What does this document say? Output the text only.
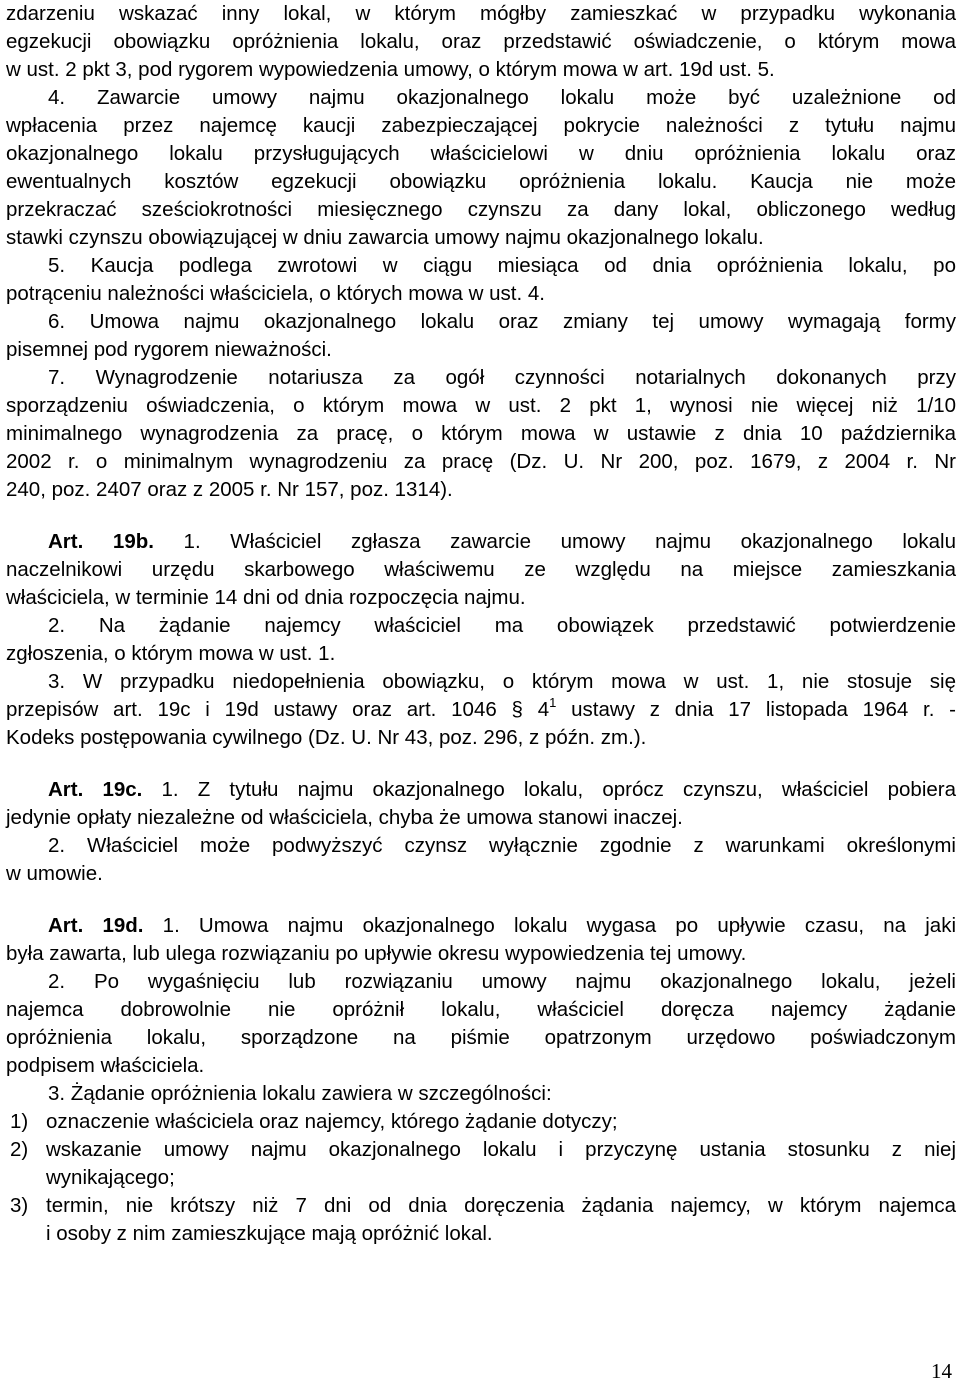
zdarzeniu wskazać inny lokal, w którym mógłby zamieszkać w przypadku wykonania
egzekucji obowiązku opróżnienia lokalu, oraz przedstawić oświadczenie, o którym mowa
w ust. 2 pkt 3, pod rygorem wypowiedzenia umowy, o którym mowa w art. 19d ust. 5.
4. Zawarcie umowy najmu okazjonalnego lokalu może być uzależnione od
wpłacenia przez najemcę kaucji zabezpieczającej pokrycie należności z tytułu najmu
okazjonalnego lokalu przysługujących właścicielowi w dniu opróżnienia lokalu oraz
ewentualnych kosztów egzekucji obowiązku opróżnienia lokalu. Kaucja nie może
przekraczać sześciokrotności miesięcznego czynszu za dany lokal, obliczonego według
stawki czynszu obowiązującej w dniu zawarcia umowy najmu okazjonalnego lokalu.
5. Kaucja podlega zwrotowi w ciągu miesiąca od dnia opróżnienia lokalu, po
potrąceniu należności właściciela, o których mowa w ust. 4.
6. Umowa najmu okazjonalnego lokalu oraz zmiany tej umowy wymagają formy
pisemnej pod rygorem nieważności.
7. Wynagrodzenie notariusza za ogół czynności notarialnych dokonanych przy
sporządzeniu oświadczenia, o którym mowa w ust. 2 pkt 1, wynosi nie więcej niż 1/10
minimalnego wynagrodzenia za pracę, o którym mowa w ustawie z dnia 10 października
2002 r. o minimalnym wynagrodzeniu za pracę (Dz. U. Nr 200, poz. 1679, z 2004 r. Nr
240, poz. 2407 oraz z 2005 r. Nr 157, poz. 1314).
Art. 19b. 1. Właściciel zgłasza zawarcie umowy najmu okazjonalnego lokalu
naczelnikowi urzędu skarbowego właściwemu ze względu na miejsce zamieszkania
właściciela, w terminie 14 dni od dnia rozpoczęcia najmu.
2. Na żądanie najemcy właściciel ma obowiązek przedstawić potwierdzenie
zgłoszenia, o którym mowa w ust. 1.
3. W przypadku niedopełnienia obowiązku, o którym mowa w ust. 1, nie stosuje się
przepisów art. 19c i 19d ustawy oraz art. 1046 § $4^1$ ustawy z dnia 17 listopada 1964 r. -
Kodeks postępowania cywilnego (Dz. U. Nr 43, poz. 296, z późn. zm.).
Art. 19c. 1. Z tytułu najmu okazjonalnego lokalu, oprócz czynszu, właściciel pobiera
jedynie opłaty niezależne od właściciela, chyba że umowa stanowi inaczej.
2. Właściciel może podwyższyć czynsz wyłącznie zgodnie z warunkami określonymi
w umowie.
Art. 19d. 1. Umowa najmu okazjonalnego lokalu wygasa po upływie czasu, na jaki
była zawarta, lub ulega rozwiązaniu po upływie okresu wypowiedzenia tej umowy.
2. Po wygaśnięciu lub rozwiązaniu umowy najmu okazjonalnego lokalu, jeżeli
najemca dobrowolnie nie opróżnił lokalu, właściciel doręcza najemcy żądanie
opróżnienia lokalu, sporządzone na piśmie opatrzonym urzędowo poświadczonym
podpisem właściciela.
3. Żądanie opróżnienia lokalu zawiera w szczególności:
1) oznaczenie właściciela oraz najemcy, którego żądanie dotyczy;
2) wskazanie umowy najmu okazjonalnego lokalu i przyczynę ustania stosunku z niej
wynikającego;
3) termin, nie krótszy niż 7 dni od dnia doręczenia żądania najemcy, w którym najemca
i osoby z nim zamieszkujące mają opróżnić lokal.
14
